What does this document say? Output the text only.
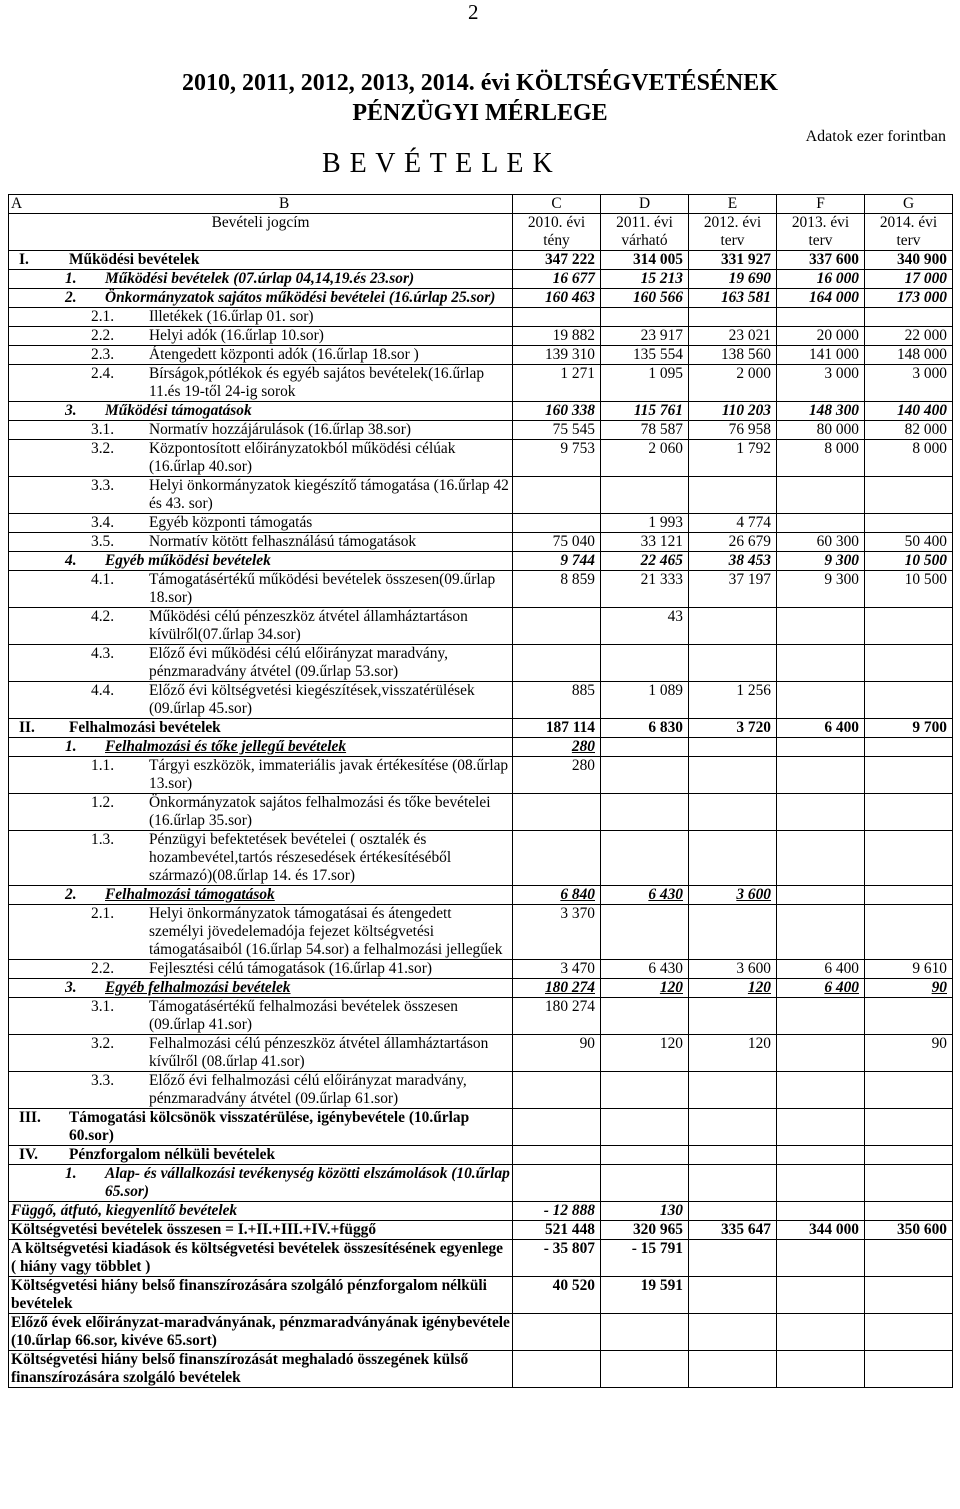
2
2010, 2011, 2012, 2013, 2014. évi KÖLTSÉGVETÉSÉNEK
PÉNZÜGYI MÉRLEGE
Adatok ezer forintban
B E V É T E L E K
A B	C	D	E	F	G
Bevételi jogcím	2010. évi tény	2011. évi várható	2012. évi terv	2013. évi terv	2014. évi terv

I. Működési bevételek	347 222	314 005	331 927	337 600	340 900

1. Működési bevételek (07.úrlap 04,14,19.és 23.sor)	16 677	15 213	19 690	16 000	17 000

2. Önkormányzatok sajátos működési bevételei (16.úrlap 25.sor)	160 463	160 566	163 581	164 000	173 000

2.1. Illetékek (16.űrlap 01. sor)					

2.2. Helyi adók (16.űrlap 10.sor)	19 882	23 917	23 021	20 000	22 000

2.3. Átengedett központi adók (16.űrlap 18.sor )	139 310	135 554	138 560	141 000	148 000

2.4. Bírságok,pótlékok és egyéb sajátos bevételek(16.űrlap 11.és 19-től 24-ig sorok	1 271	1 095	2 000	3 000	3 000

3. Működési támogatások	160 338	115 761	110 203	148 300	140 400

3.1. Normatív hozzájárulások (16.űrlap 38.sor)	75 545	78 587	76 958	80 000	82 000

3.2. Központosított előirányzatokból működési célúak (16.űrlap 40.sor)	9 753	2 060	1 792	8 000	8 000

3.3. Helyi önkormányzatok kiegészítő támogatása (16.űrlap 42 és 43. sor)					

3.4. Egyéb központi támogatás		1 993	4 774		

3.5. Normatív kötött felhasználású támogatások	75 040	33 121	26 679	60 300	50 400

4. Egyéb működési bevételek	9 744	22 465	38 453	9 300	10 500

4.1. Támogatásértékű működési bevételek összesen(09.űrlap 18.sor)	8 859	21 333	37 197	9 300	10 500

4.2. Működési célú pénzeszköz átvétel államháztartáson kívülről(07.űrlap 34.sor)		43			

4.3. Előző évi működési célú előirányzat maradvány, pénzmaradvány átvétel (09.űrlap 53.sor)					

4.4. Előző évi költségvetési kiegészítések,visszatérülések (09.űrlap 45.sor)	885	1 089	1 256		

II. Felhalmozási bevételek	187 114	6 830	3 720	6 400	9 700

1. Felhalmozási és tőke jellegű bevételek	280				

1.1. Tárgyi eszközök, immateriális javak értékesítése (08.űrlap 13.sor)	280				

1.2. Önkormányzatok sajátos felhalmozási és tőke bevételei (16.űrlap 35.sor)					

1.3. Pénzügyi befektetések bevételei ( osztalék és hozambevétel,tartós részesedések értékesítéséből származó)(08.űrlap 14. és 17.sor)					

2. Felhalmozási támogatások	6 840	6 430	3 600		

2.1. Helyi önkormányzatok támogatásai és átengedett személyi jövedelemadója fejezet költségvetési támogatásaiból (16.űrlap 54.sor) a felhalmozási jellegűek	3 370				

2.2. Fejlesztési célú támogatások (16.űrlap 41.sor)	3 470	6 430	3 600	6 400	9 610

3. Egyéb felhalmozási bevételek	180 274	120	120	6 400	90

3.1. Támogatásértékű felhalmozási bevételek összesen (09.űrlap 41.sor)	180 274				

3.2. Felhalmozási célú pénzeszköz átvétel államháztartáson kívűlről (08.űrlap 41.sor)	90	120	120		90

3.3. Előző évi felhalmozási célú előirányzat maradvány, pénzmaradvány átvétel (09.űrlap 61.sor)					

III. Támogatási kölcsönök visszatérülése, igénybevétele (10.űrlap 60.sor)					

IV. Pénzforgalom nélküli bevételek					

1. Alap- és vállalkozási tevékenység közötti elszámolások (10.űrlap 65.sor)					
Függő, átfutó, kiegyenlítő bevételek	- 12 888	130			
Költségvetési bevételek összesen = I.+II.+III.+IV.+függő	521 448	320 965	335 647	344 000	350 600
A költségvetési kiadások és költségvetési bevételek összesítésének egyenlege ( hiány vagy többlet )	- 35 807	- 15 791			
Költségvetési hiány belső finanszírozására szolgáló pénzforgalom nélküli bevételek	40 520	19 591			
Előző évek előirányzat-maradványának, pénzmaradványának igénybevétele (10.űrlap 66.sor, kivéve 65.sort)					
Költségvetési hiány belső finanszírozását meghaladó összegének külső finanszírozására szolgáló bevételek					
